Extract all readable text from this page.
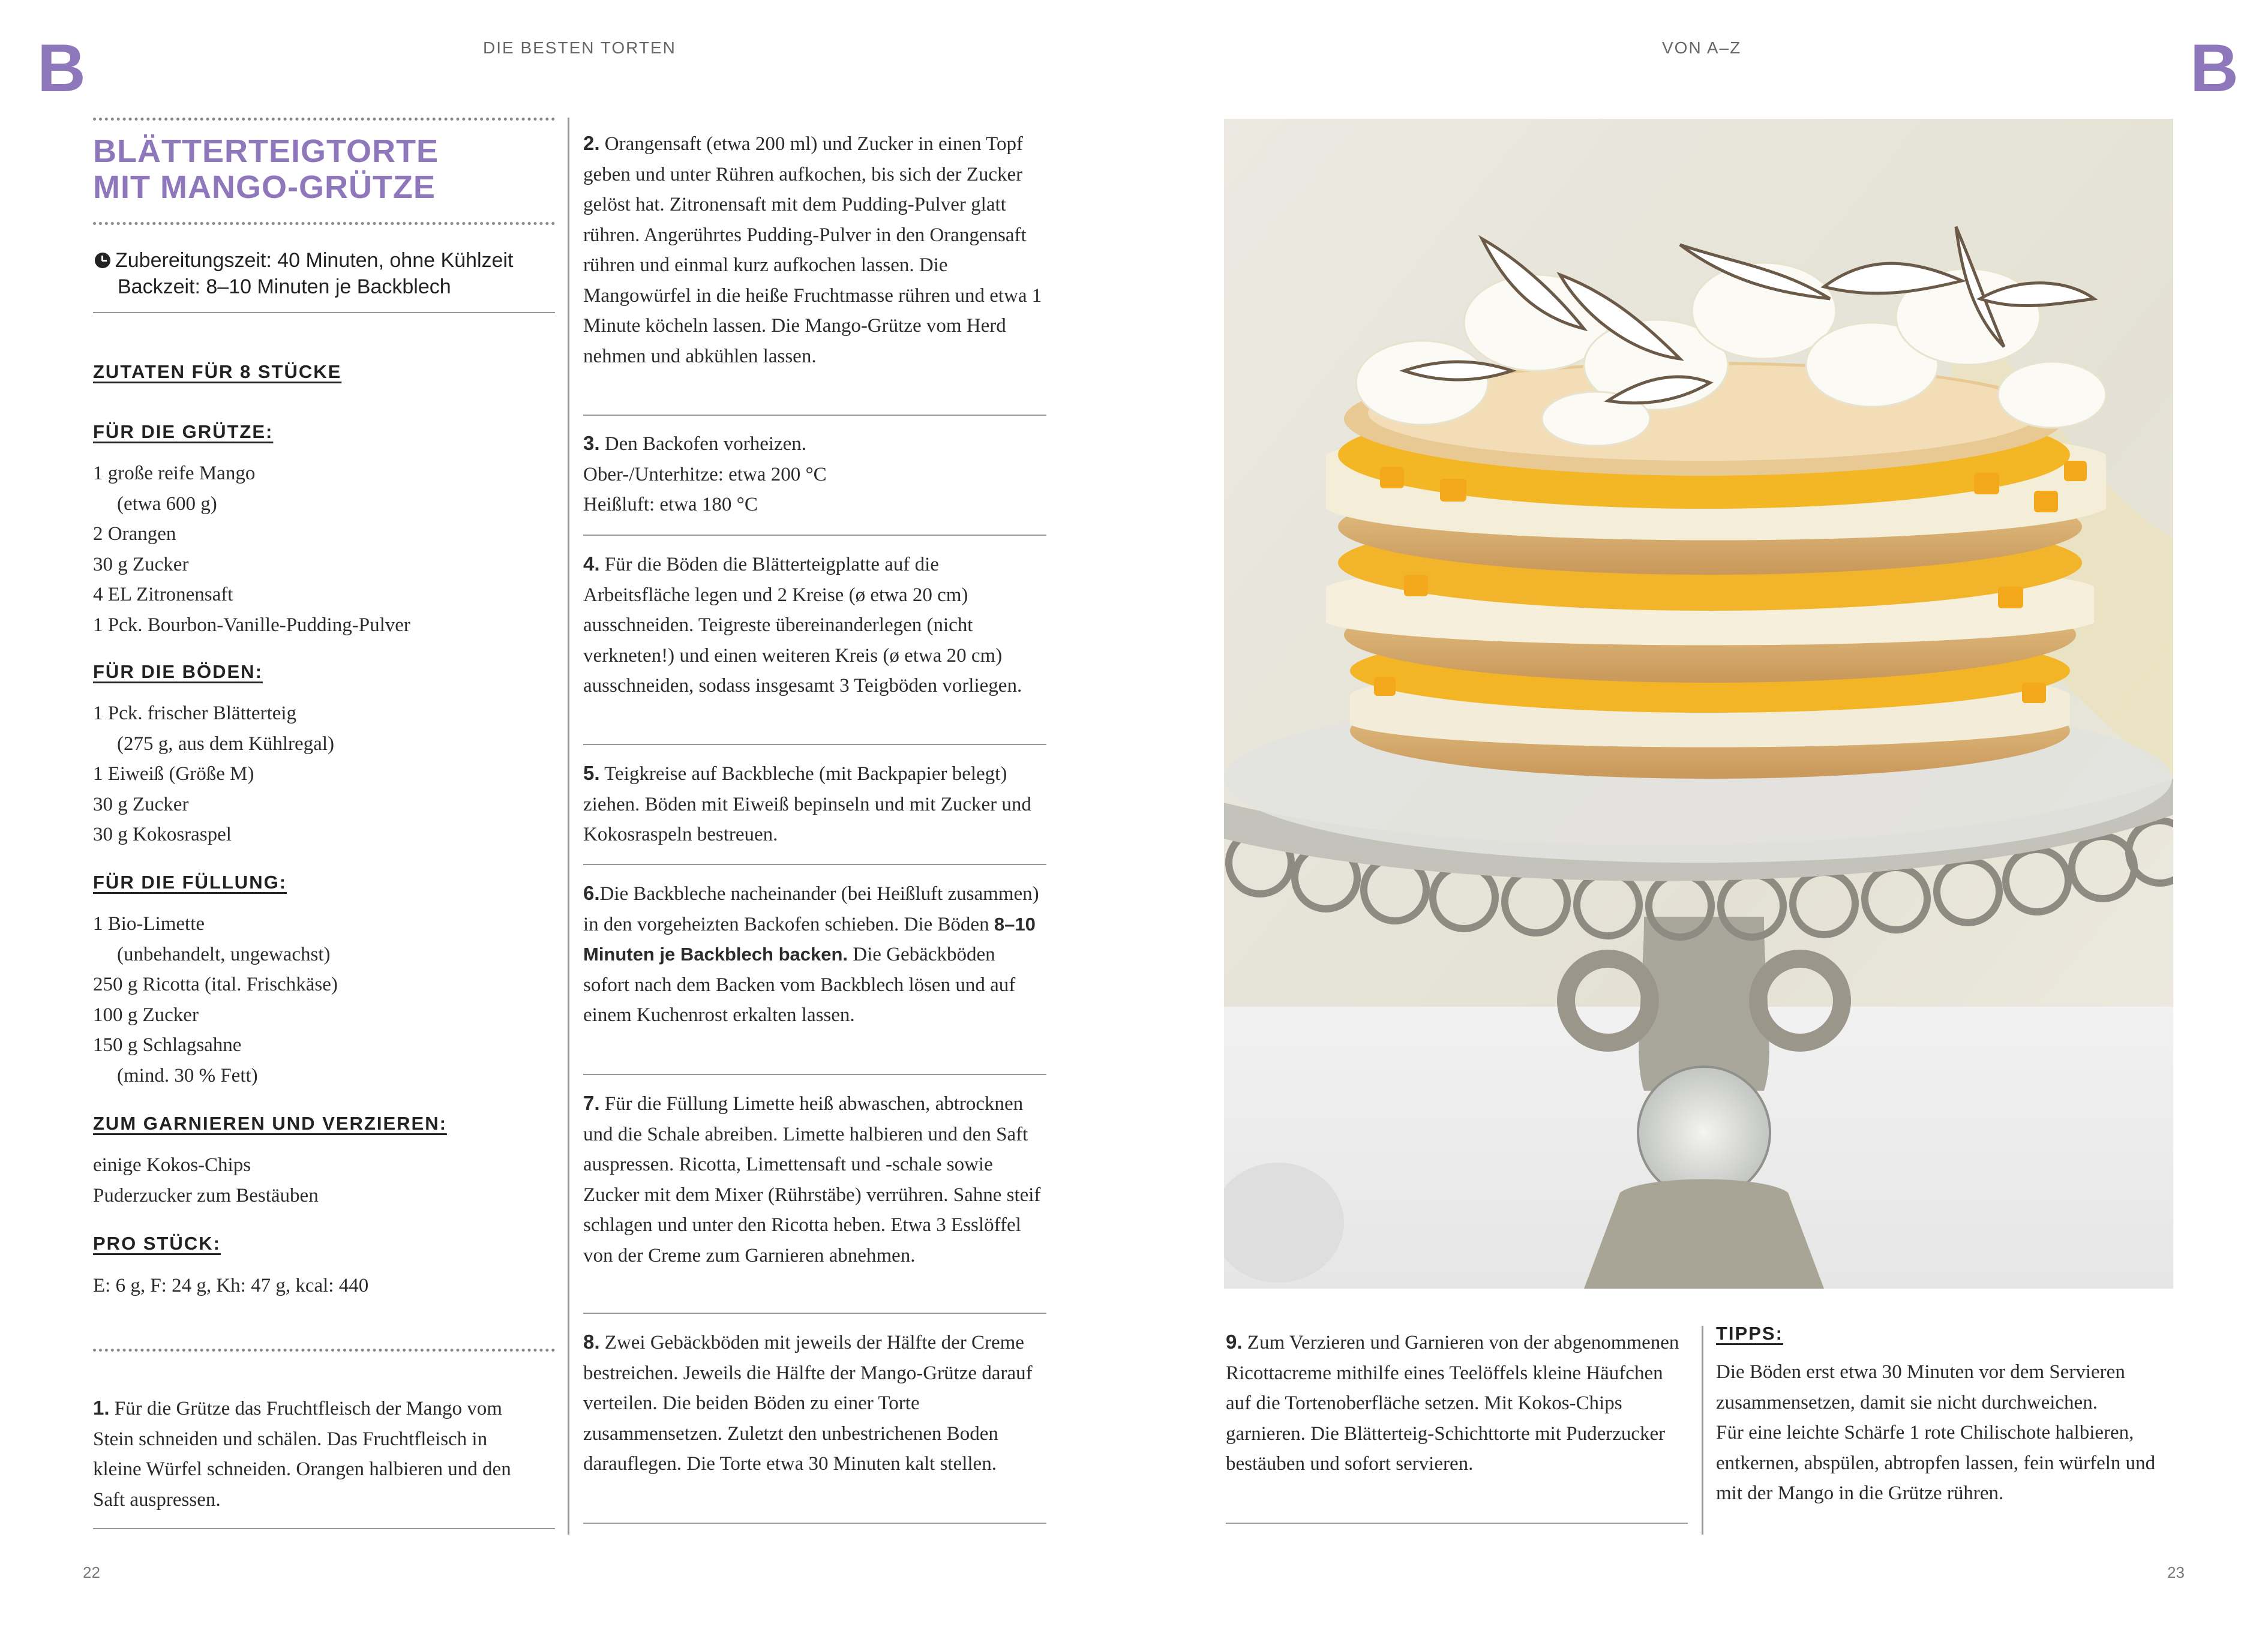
B	DIE BESTEN TORTEN
BLÄTTERTEIGTORTE
MIT MANGO-GRÜTZE
Zubereitungszeit: 40 Minuten, ohne Kühlzeit
Backzeit: 8–10 Minuten je Backblech
ZUTATEN FÜR 8 STÜCKE
FÜR DIE GRÜTZE:
1 große reife Mango
(etwa 600 g)
2 Orangen
30 g Zucker
4 EL Zitronensaft
1 Pck. Bourbon-Vanille-Pudding-Pulver
FÜR DIE BÖDEN:
1 Pck. frischer Blätterteig
(275 g, aus dem Kühlregal)
1 Eiweiß (Größe M)
30 g Zucker
30 g Kokosraspel
FÜR DIE FÜLLUNG:
1 Bio-Limette
(unbehandelt, ungewachst)
250 g Ricotta (ital. Frischkäse)
100 g Zucker
150 g Schlagsahne
(mind. 30 % Fett)
ZUM GARNIEREN UND VERZIEREN:
einige Kokos-Chips
Puderzucker zum Bestäuben
PRO STÜCK:
E: 6 g, F: 24 g, Kh: 47 g, kcal: 440

1. Für die Grütze das Fruchtfleisch der Mango vom Stein schneiden und schälen. Das Fruchtfleisch in kleine Würfel schneiden. Orangen halbieren und den Saft auspressen.

2. Orangensaft (etwa 200 ml) und Zucker in einen Topf geben und unter Rühren aufkochen, bis sich der Zucker gelöst hat. Zitronensaft mit dem Pudding-Pulver glatt rühren. Angerührtes Pudding-Pulver in den Orangensaft rühren und einmal kurz aufkochen lassen. Die Mangowürfel in die heiße Fruchtmasse rühren und etwa 1 Minute köcheln lassen. Die Mango-Grütze vom Herd nehmen und abkühlen lassen.

3. Den Backofen vorheizen.
Ober-/Unterhitze: etwa 200 °C
Heißluft: etwa 180 °C

4. Für die Böden die Blätterteigplatte auf die Arbeitsfläche legen und 2 Kreise (ø etwa 20 cm) ausschneiden. Teigreste übereinanderlegen (nicht verkneten!) und einen weiteren Kreis (ø etwa 20 cm) ausschneiden, sodass insgesamt 3 Teigböden vorliegen.

5. Teigkreise auf Backbleche (mit Backpapier belegt) ziehen. Böden mit Eiweiß bepinseln und mit Zucker und Kokosraspeln bestreuen.

6.Die Backbleche nacheinander (bei Heißluft zusammen) in den vorgeheizten Backofen schieben. Die Böden 8–10 Minuten je Backblech backen. Die Gebäckböden sofort nach dem Backen vom Backblech lösen und auf einem Kuchenrost erkalten lassen.

7. Für die Füllung Limette heiß abwaschen, abtrocknen und die Schale abreiben. Limette halbieren und den Saft auspressen. Ricotta, Limettensaft und -schale sowie Zucker mit dem Mixer (Rührstäbe) verrühren. Sahne steif schlagen und unter den Ricotta heben. Etwa 3 Esslöffel von der Creme zum Garnieren abnehmen.

8. Zwei Gebäckböden mit jeweils der Hälfte der Creme bestreichen. Jeweils die Hälfte der Mango-Grütze darauf verteilen. Die beiden Böden zu einer Torte zusammensetzen. Zuletzt den unbestrichenen Boden darauflegen. Die Torte etwa 30 Minuten kalt stellen.

22
VON A–Z	B

9. Zum Verzieren und Garnieren von der abgenommenen Ricottacreme mithilfe eines Teelöffels kleine Häufchen auf die Tortenoberfläche setzen. Mit Kokos-Chips garnieren. Die Blätterteig-Schichttorte mit Puderzucker bestäuben und sofort servieren.

TIPPS:
Die Böden erst etwa 30 Minuten vor dem Servieren zusammensetzen, damit sie nicht durchweichen.
Für eine leichte Schärfe 1 rote Chilischote halbieren, entkernen, abspülen, abtropfen lassen, fein würfeln und mit der Mango in die Grütze rühren.
23
